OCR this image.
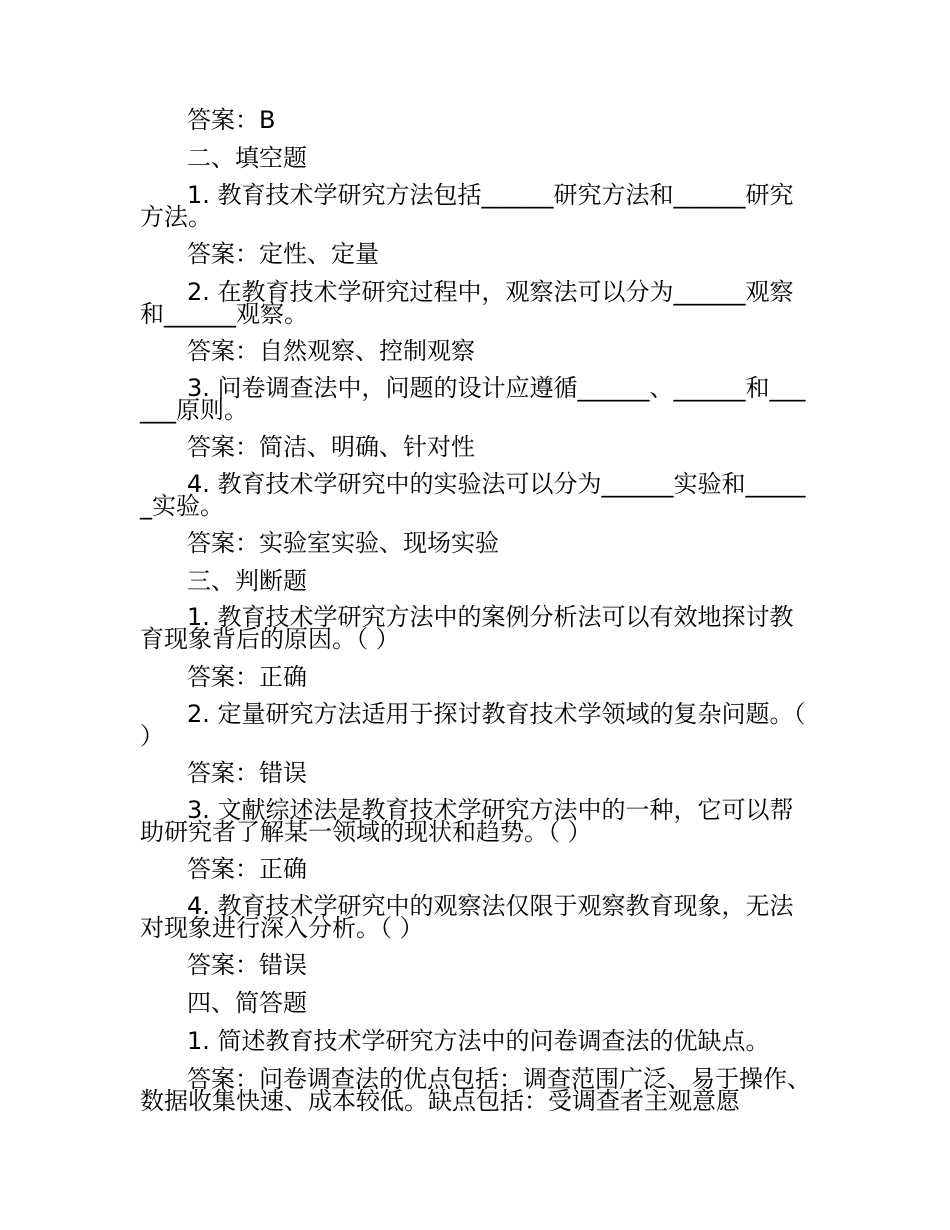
答案：B
二、填空题
1. 教育技术学研究方法包括______研究方法和______研究方法。
答案：定性、定量
2. 在教育技术学研究过程中，观察法可以分为______观察和______观察。
答案：自然观察、控制观察
3. 问卷调查法中，问题的设计应遵循______、______和______原则。
答案：简洁、明确、针对性
4. 教育技术学研究中的实验法可以分为______实验和______实验。
答案：实验室实验、现场实验
三、判断题
1. 教育技术学研究方法中的案例分析法可以有效地探讨教育现象背后的原因。（ ）
答案：正确
2. 定量研究方法适用于探讨教育技术学领域的复杂问题。（ ）
答案：错误
3. 文献综述法是教育技术学研究方法中的一种，它可以帮助研究者了解某一领域的现状和趋势。（ ）
答案：正确
4. 教育技术学研究中的观察法仅限于观察教育现象，无法对现象进行深入分析。（ ）
答案：错误
四、简答题
1. 简述教育技术学研究方法中的问卷调查法的优缺点。
答案：问卷调查法的优点包括：调查范围广泛、易于操作、数据收集快速、成本较低。缺点包括：受调查者主观意愿
